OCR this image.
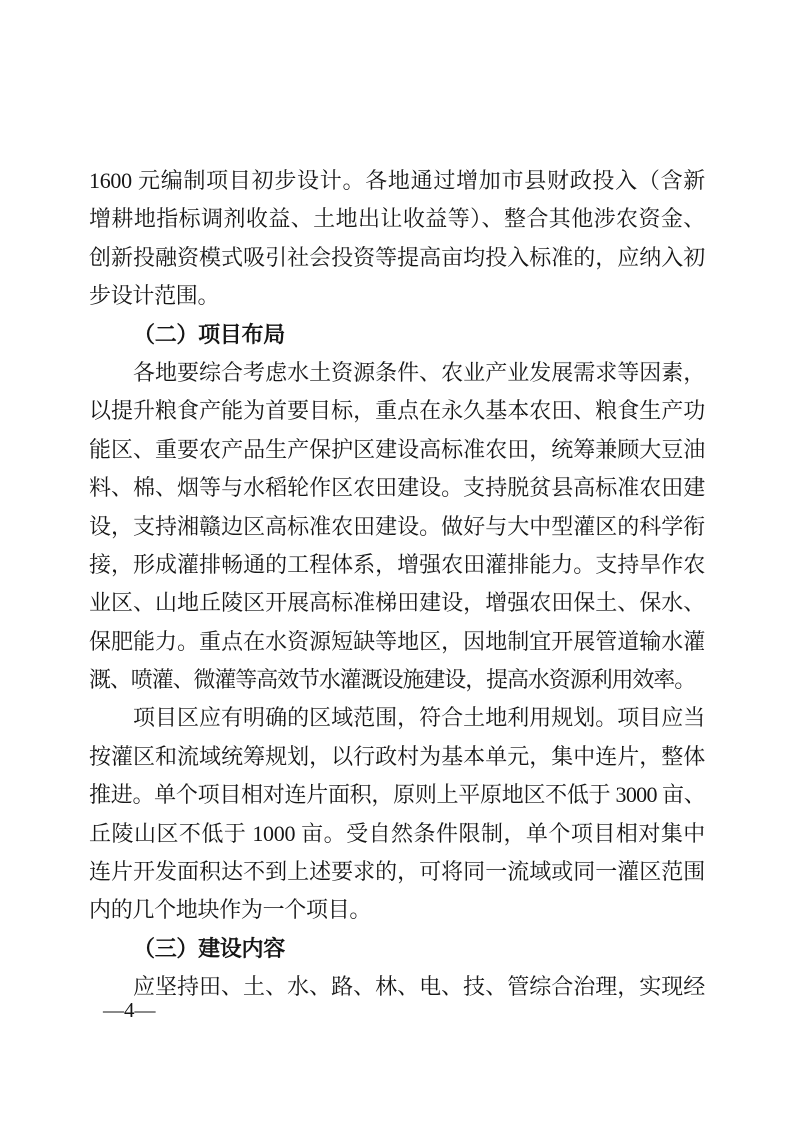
1600 元编制项目初步设计。各地通过增加市县财政投入（含新
增耕地指标调剂收益、土地出让收益等）、整合其他涉农资金、
创新投融资模式吸引社会投资等提高亩均投入标准的，应纳入初
步设计范围。
（二）项目布局
各地要综合考虑水土资源条件、农业产业发展需求等因素，
以提升粮食产能为首要目标，重点在永久基本农田、粮食生产功
能区、重要农产品生产保护区建设高标准农田，统筹兼顾大豆油
料、棉、烟等与水稻轮作区农田建设。支持脱贫县高标准农田建
设，支持湘赣边区高标准农田建设。做好与大中型灌区的科学衔
接，形成灌排畅通的工程体系，增强农田灌排能力。支持旱作农
业区、山地丘陵区开展高标准梯田建设，增强农田保土、保水、
保肥能力。重点在水资源短缺等地区，因地制宜开展管道输水灌
溉、喷灌、微灌等高效节水灌溉设施建设，提高水资源利用效率。
项目区应有明确的区域范围，符合土地利用规划。项目应当
按灌区和流域统筹规划，以行政村为基本单元，集中连片，整体
推进。单个项目相对连片面积，原则上平原地区不低于 3000 亩、
丘陵山区不低于 1000 亩。受自然条件限制，单个项目相对集中
连片开发面积达不到上述要求的，可将同一流域或同一灌区范围
内的几个地块作为一个项目。
（三）建设内容
应坚持田、土、水、路、林、电、技、管综合治理，实现经
—4—
